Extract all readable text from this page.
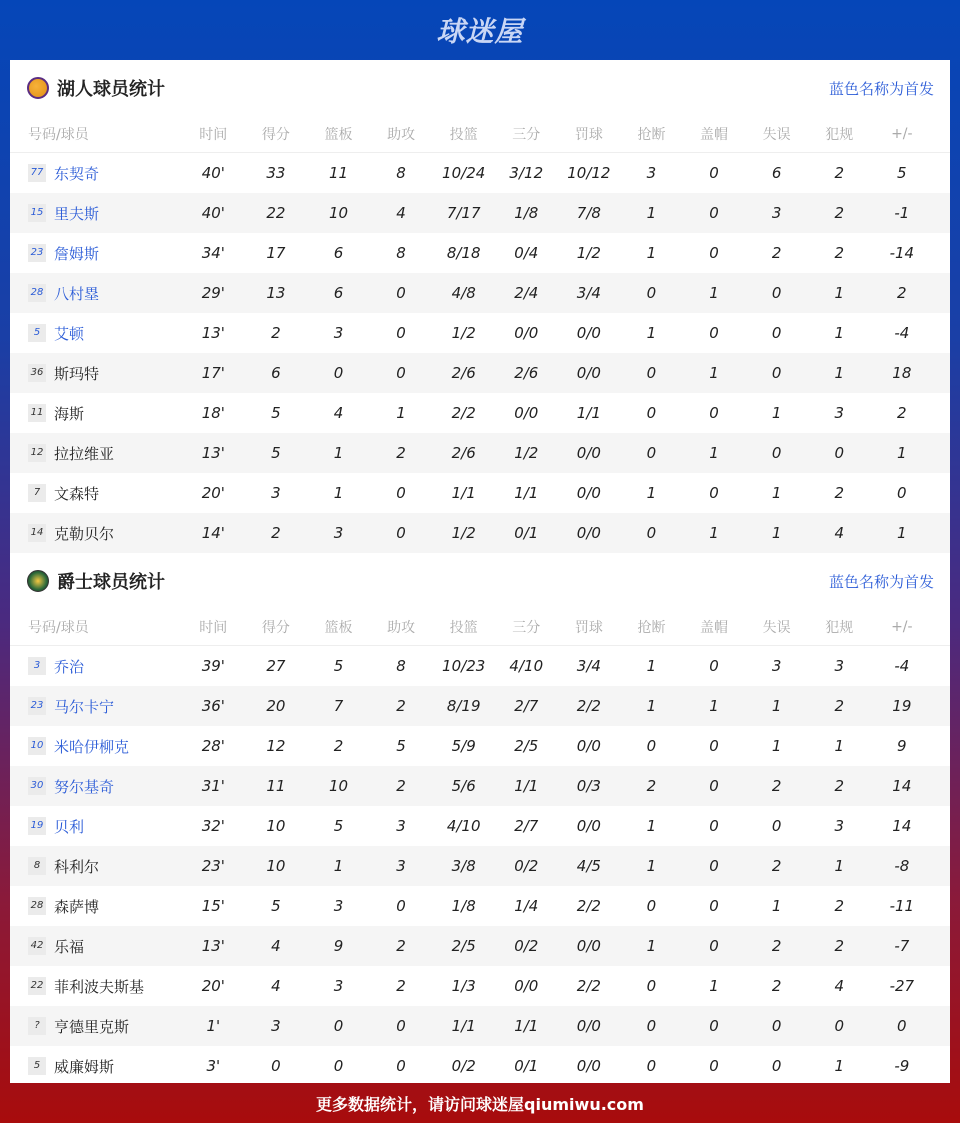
球迷屋
湖人球员统计	蓝色名称为首发
号码/球员	时间	得分	篮板	助攻	投篮	三分	罚球	抢断	盖帽	失误	犯规	+/-
77 东契奇	40'	33	11	8	10/24	3/12	10/12	3	0	6	2	5
15 里夫斯	40'	22	10	4	7/17	1/8	7/8	1	0	3	2	-1
23 詹姆斯	34'	17	6	8	8/18	0/4	1/2	1	0	2	2	-14
28 八村塁	29'	13	6	0	4/8	2/4	3/4	0	1	0	1	2
5 艾顿	13'	2	3	0	1/2	0/0	0/0	1	0	0	1	-4
36 斯玛特	17'	6	0	0	2/6	2/6	0/0	0	1	0	1	18
11 海斯	18'	5	4	1	2/2	0/0	1/1	0	0	1	3	2
12 拉拉维亚	13'	5	1	2	2/6	1/2	0/0	0	1	0	0	1
7 文森特	20'	3	1	0	1/1	1/1	0/0	1	0	1	2	0
14 克勒贝尔	14'	2	3	0	1/2	0/1	0/0	0	1	1	4	1
爵士球员统计	蓝色名称为首发
号码/球员	时间	得分	篮板	助攻	投篮	三分	罚球	抢断	盖帽	失误	犯规	+/-
3 乔治	39'	27	5	8	10/23	4/10	3/4	1	0	3	3	-4
23 马尔卡宁	36'	20	7	2	8/19	2/7	2/2	1	1	1	2	19
10 米哈伊柳克	28'	12	2	5	5/9	2/5	0/0	0	0	1	1	9
30 努尔基奇	31'	11	10	2	5/6	1/1	0/3	2	0	2	2	14
19 贝利	32'	10	5	3	4/10	2/7	0/0	1	0	0	3	14
8 科利尔	23'	10	1	3	3/8	0/2	4/5	1	0	2	1	-8
28 森萨博	15'	5	3	0	1/8	1/4	2/2	0	0	1	2	-11
42 乐福	13'	4	9	2	2/5	0/2	0/0	1	0	2	2	-7
22 菲利波夫斯基	20'	4	3	2	1/3	0/0	2/2	0	1	2	4	-27
? 亨德里克斯	1'	3	0	0	1/1	1/1	0/0	0	0	0	0	0
5 威廉姆斯	3'	0	0	0	0/2	0/1	0/0	0	0	0	1	-9
更多数据统计，请访问球迷屋qiumiwu.com
